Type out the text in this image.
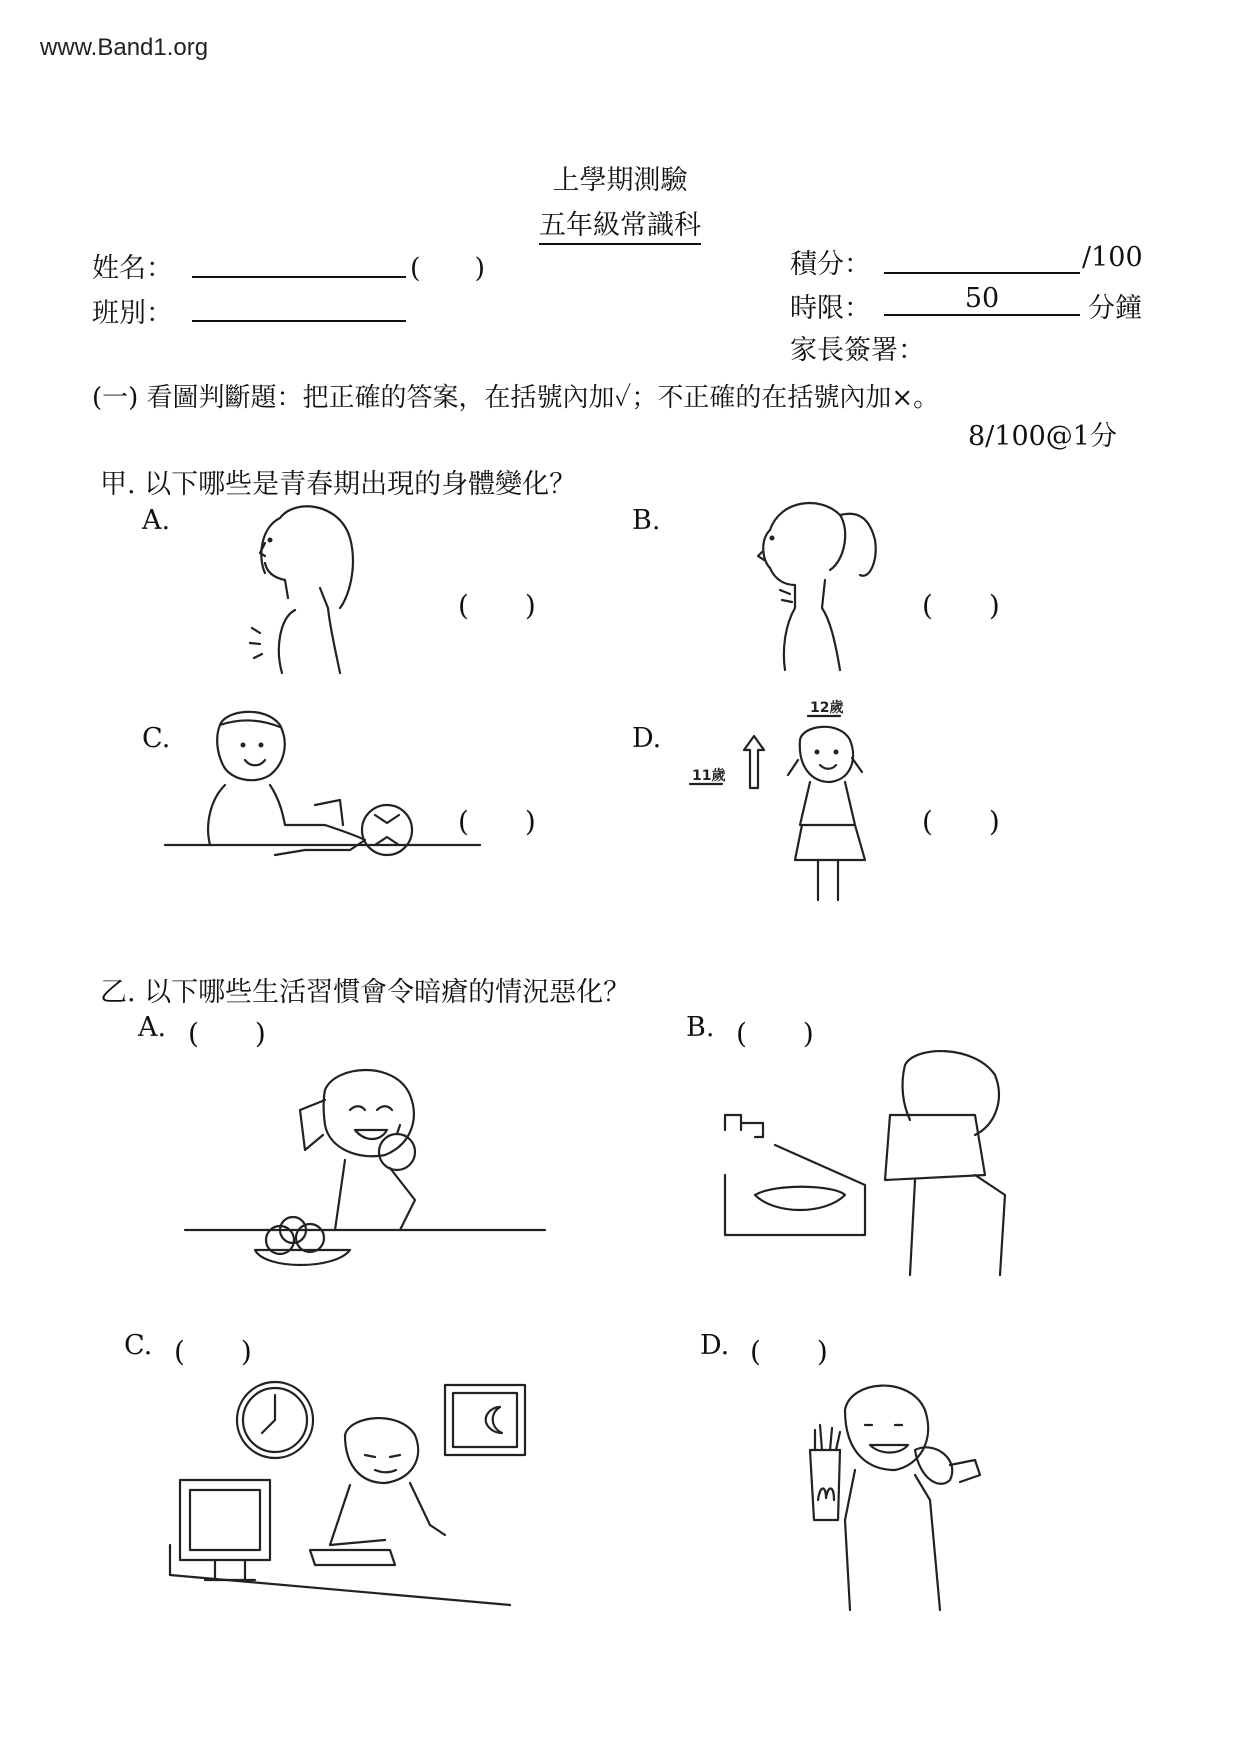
www.Band1.org
上學期測驗
五年級常識科
姓名：	(　　)
班別：
積分：	/100
時限：	50	分鐘
家長簽署：
(一) 看圖判斷題：把正確的答案，在括號內加✓；不正確的在括號內加×。
8/100@1分
甲. 以下哪些是青春期出現的身體變化？
A.
(　　)
B.
(　　)
C.
(　　)
D.
(　　)
12歲
11歲
乙. 以下哪些生活習慣會令暗瘡的情況惡化？
A. (　　)	B. (　　)
C. (　　)	D. (　　)
